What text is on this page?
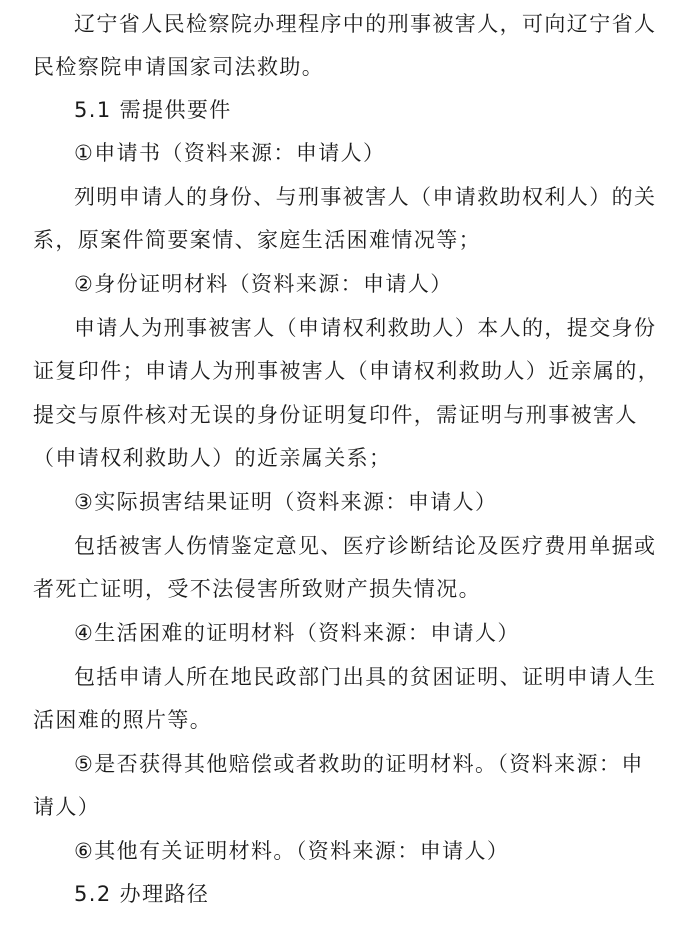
辽宁省人民检察院办理程序中的刑事被害人，可向辽宁省人
民检察院申请国家司法救助。
5.1 需提供要件
①申请书（资料来源：申请人）
列明申请人的身份、与刑事被害人（申请救助权利人）的关
系，原案件简要案情、家庭生活困难情况等；
②身份证明材料（资料来源：申请人）
申请人为刑事被害人（申请权利救助人）本人的，提交身份
证复印件；申请人为刑事被害人（申请权利救助人）近亲属的，
提交与原件核对无误的身份证明复印件，需证明与刑事被害人
（申请权利救助人）的近亲属关系；
③实际损害结果证明（资料来源：申请人）
包括被害人伤情鉴定意见、医疗诊断结论及医疗费用单据或
者死亡证明，受不法侵害所致财产损失情况。
④生活困难的证明材料（资料来源：申请人）
包括申请人所在地民政部门出具的贫困证明、证明申请人生
活困难的照片等。
⑤是否获得其他赔偿或者救助的证明材料。（资料来源：申
请人）
⑥其他有关证明材料。（资料来源：申请人）
5.2 办理路径
